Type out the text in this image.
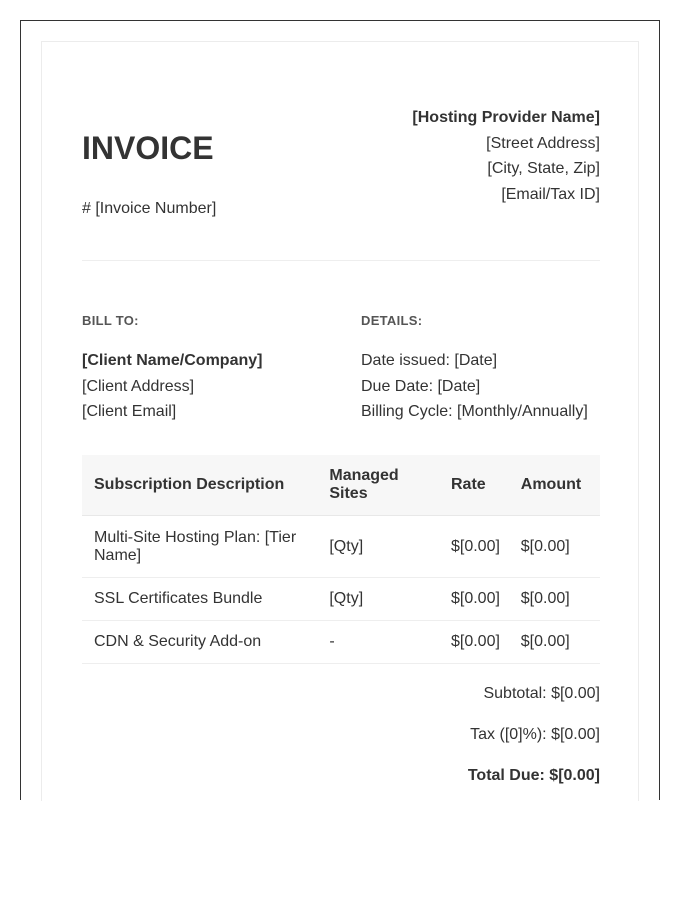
INVOICE
# [Invoice Number]
[Hosting Provider Name]
[Street Address]
[City, State, Zip]
[Email/Tax ID]
BILL TO:
[Client Name/Company]
[Client Address]
[Client Email]
DETAILS:
Date issued: [Date]
Due Date: [Date]
Billing Cycle: [Monthly/Annually]
Subscription Description	Managed Sites	Rate	Amount
Multi-Site Hosting Plan: [Tier Name]	[Qty]	$[0.00]	$[0.00]
SSL Certificates Bundle	[Qty]	$[0.00]	$[0.00]
CDN & Security Add-on	-	$[0.00]	$[0.00]
Subtotal: $[0.00]
Tax ([0]%): $[0.00]
Total Due: $[0.00]
